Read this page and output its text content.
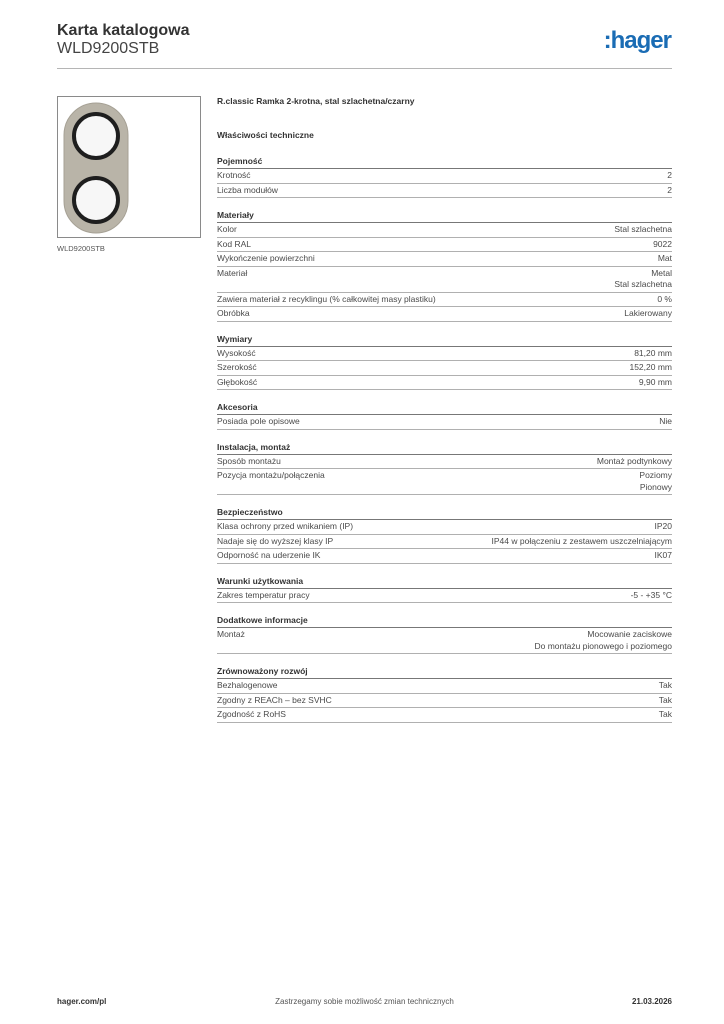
Karta katalogowa
WLD9200STB	:hager
WLD9200STB
R.classic Ramka 2-krotna, stal szlachetna/czarny
Właściwości techniczne
Pojemność
Krotność	2
Liczba modułów	2
Materiały
Kolor	Stal szlachetna
Kod RAL	9022
Wykończenie powierzchni	Mat
Materiał	Metal
Stal szlachetna
Zawiera materiał z recyklingu (% całkowitej masy plastiku)	0 %
Obróbka	Lakierowany
Wymiary
Wysokość	81,20 mm
Szerokość	152,20 mm
Głębokość	9,90 mm
Akcesoria
Posiada pole opisowe	Nie
Instalacja, montaż
Sposób montażu	Montaż podtynkowy
Pozycja montażu/połączenia	Poziomy
Pionowy
Bezpieczeństwo
Klasa ochrony przed wnikaniem (IP)	IP20
Nadaje się do wyższej klasy IP	IP44 w połączeniu z zestawem uszczelniającym
Odporność na uderzenie IK	IK07
Warunki użytkowania
Zakres temperatur pracy	-5 - +35 °C
Dodatkowe informacje
Montaż	Mocowanie zaciskowe
Do montażu pionowego i poziomego
Zrównoważony rozwój
Bezhalogenowe	Tak
Zgodny z REACh – bez SVHC	Tak
Zgodność z RoHS	Tak
Zastrzegamy sobie możliwość zmian technicznych
hager.com/pl	21.03.2026
